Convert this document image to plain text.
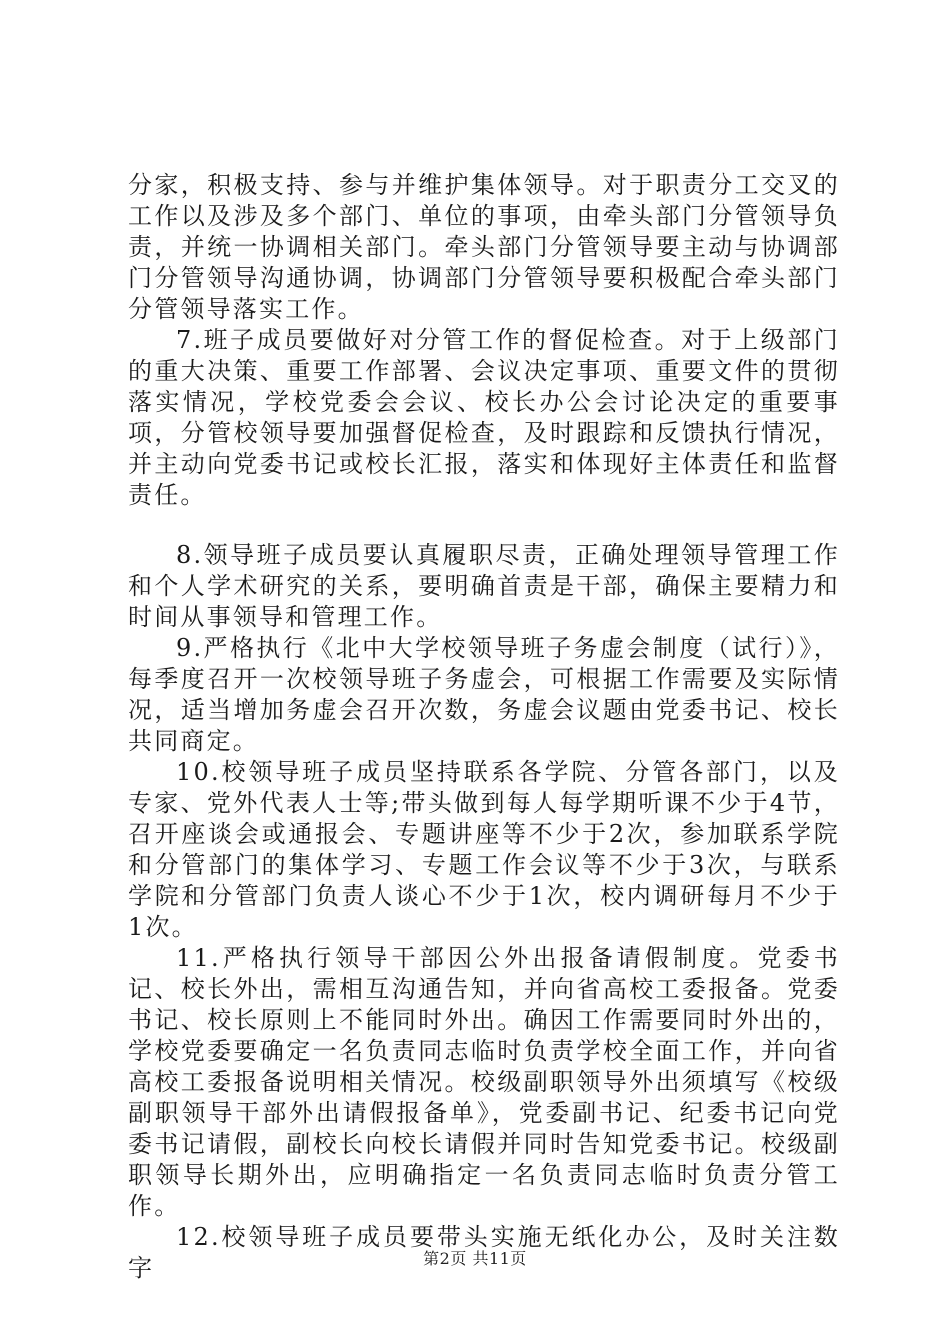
分家，积极支持、参与并维护集体领导。对于职责分工交叉的工作以及涉及多个部门、单位的事项，由牵头部门分管领导负责，并统一协调相关部门。牵头部门分管领导要主动与协调部门分管领导沟通协调，协调部门分管领导要积极配合牵头部门分管领导落实工作。

7.班子成员要做好对分管工作的督促检查。对于上级部门的重大决策、重要工作部署、会议决定事项、重要文件的贯彻落实情况，学校党委会会议、校长办公会讨论决定的重要事项，分管校领导要加强督促检查，及时跟踪和反馈执行情况，并主动向党委书记或校长汇报，落实和体现好主体责任和监督责任。

8.领导班子成员要认真履职尽责，正确处理领导管理工作和个人学术研究的关系，要明确首责是干部，确保主要精力和时间从事领导和管理工作。

9.严格执行《北中大学校领导班子务虚会制度（试行）》，每季度召开一次校领导班子务虚会，可根据工作需要及实际情况，适当增加务虚会召开次数，务虚会议题由党委书记、校长共同商定。

10.校领导班子成员坚持联系各学院、分管各部门，以及专家、党外代表人士等;带头做到每人每学期听课不少于4节，召开座谈会或通报会、专题讲座等不少于2次，参加联系学院和分管部门的集体学习、专题工作会议等不少于3次，与联系学院和分管部门负责人谈心不少于1次，校内调研每月不少于1次。

11.严格执行领导干部因公外出报备请假制度。党委书记、校长外出，需相互沟通告知，并向省高校工委报备。党委书记、校长原则上不能同时外出。确因工作需要同时外出的，学校党委要确定一名负责同志临时负责学校全面工作，并向省高校工委报备说明相关情况。校级副职领导外出须填写《校级副职领导干部外出请假报备单》，党委副书记、纪委书记向党委书记请假，副校长向校长请假并同时告知党委书记。校级副职领导长期外出，应明确指定一名负责同志临时负责分管工作。

12.校领导班子成员要带头实施无纸化办公，及时关注数字	第2页 共11页
